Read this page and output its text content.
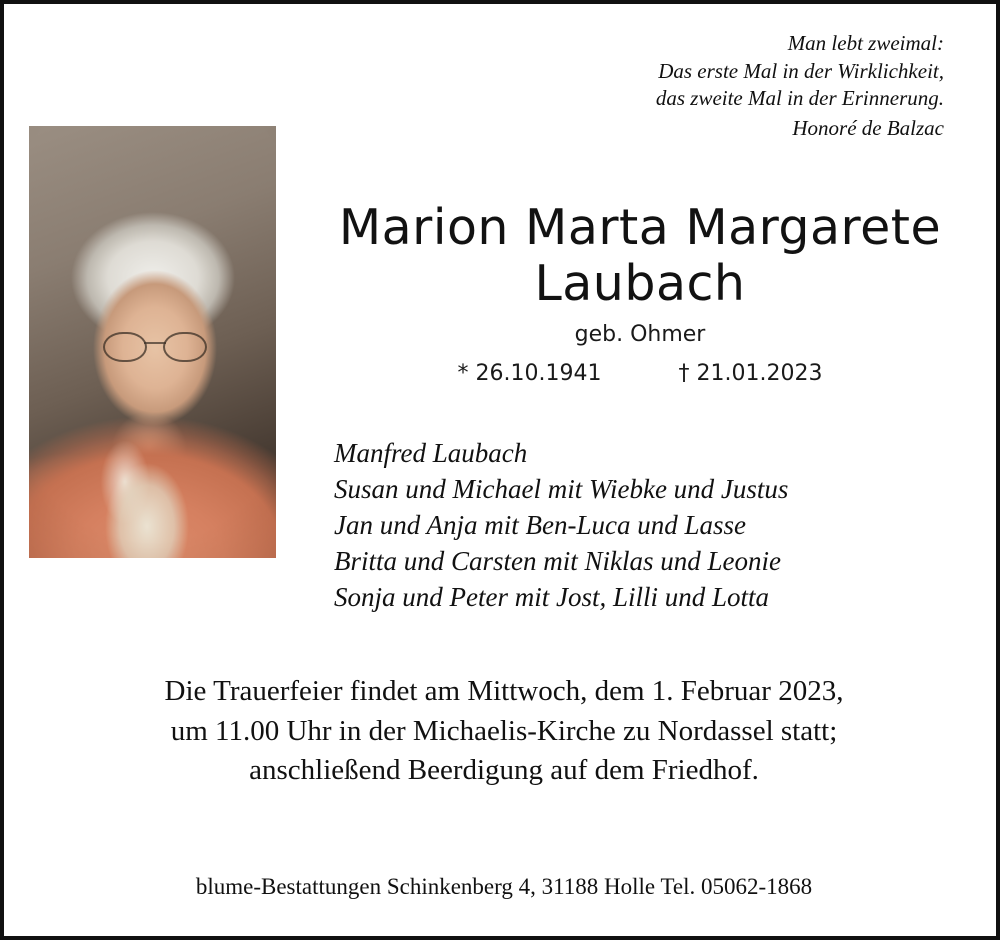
Man lebt zweimal:
Das erste Mal in der Wirklichkeit,
das zweite Mal in der Erinnerung.
Honoré de Balzac
Marion Marta Margarete
Laubach
geb. Ohmer
* 26.10.1941	† 21.01.2023
Manfred Laubach
Susan und Michael mit Wiebke und Justus
Jan und Anja mit Ben-Luca und Lasse
Britta und Carsten mit Niklas und Leonie
Sonja und Peter mit Jost, Lilli und Lotta
Die Trauerfeier findet am Mittwoch, dem 1. Februar 2023,
um 11.00 Uhr in der Michaelis-Kirche zu Nordassel statt;
anschließend Beerdigung auf dem Friedhof.
blume-Bestattungen Schinkenberg 4, 31188 Holle Tel. 05062-1868
